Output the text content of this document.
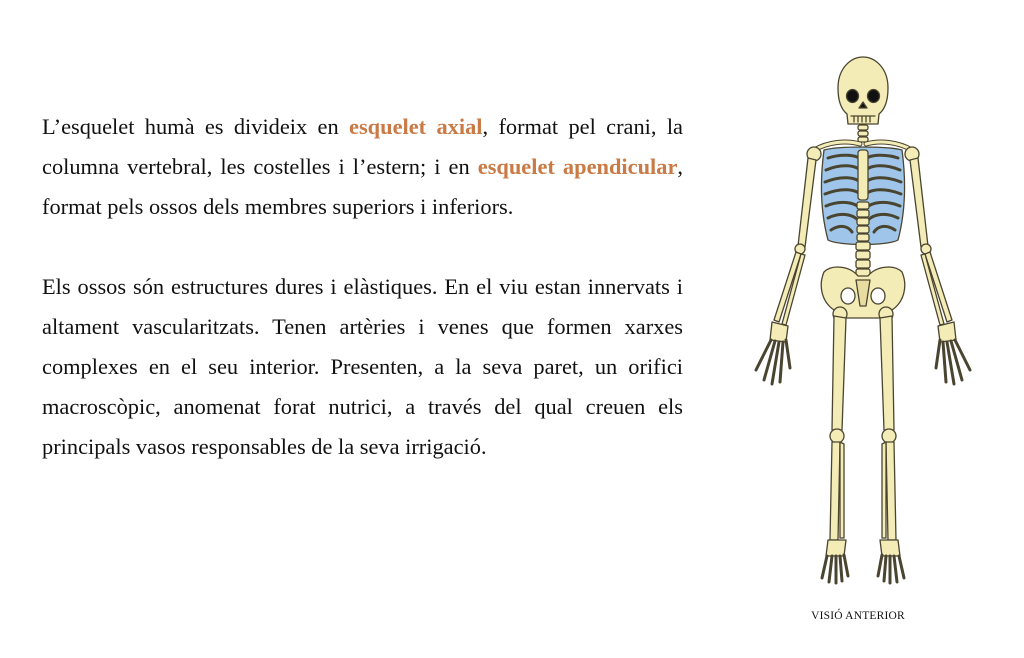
L’esquelet humà es divideix en esquelet axial, format pel crani, la columna vertebral, les costelles i l’estern; i en esquelet apendicular, format pels ossos dels membres superiors i inferiors.

Els ossos són estructures dures i elàstiques. En el viu estan innervats i altament vascularitzats. Tenen artèries i venes que formen xarxes complexes en el seu interior. Presenten, a la seva paret, un orifici macroscòpic, anomenat forat nutrici, a través del qual creuen els principals vasos responsables de la seva irrigació.

VISIÓ ANTERIOR
